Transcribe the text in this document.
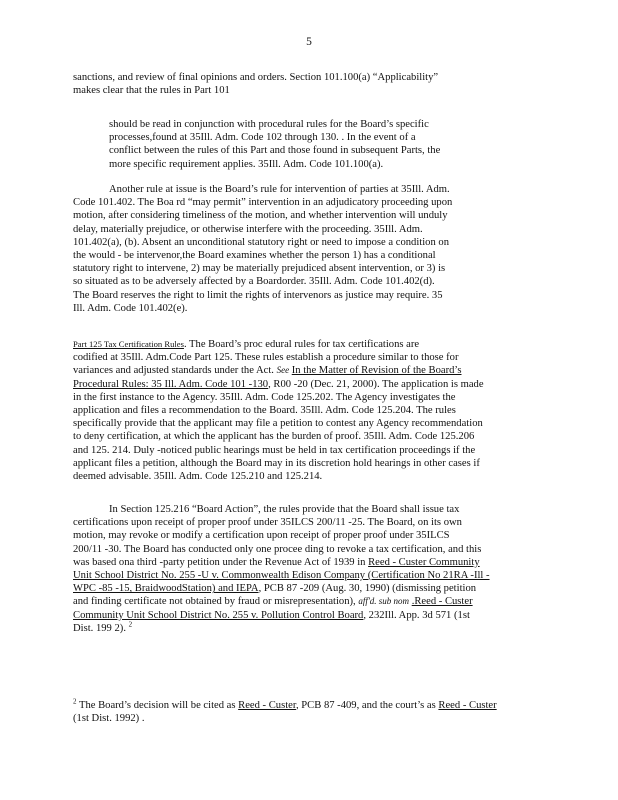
5
sanctions, and review of final opinions and orders. Section 101.100(a) “Applicability”
makes clear that the rules in Part 101
should be read in conjunction with procedural rules for the Board’s specific
processes,found at 35Ill. Adm. Code 102 through 130. . In the event of a
conflict between the rules of this Part and those found in subsequent Parts, the
more specific requirement applies. 35Ill. Adm. Code 101.100(a).
Another rule at issue is the Board’s rule for intervention of parties at 35Ill. Adm.
Code 101.402. The Boa rd “may permit” intervention in an adjudicatory proceeding upon
motion, after considering timeliness of the motion, and whether intervention will unduly
delay, materially prejudice, or otherwise interfere with the proceeding. 35Ill. Adm.
101.402(a), (b). Absent an unconditional statutory right or need to impose a condition on
the would - be intervenor,the Board examines whether the person 1) has a conditional
statutory right to intervene, 2) may be materially prejudiced absent intervention, or 3) is
so situated as to be adversely affected by a Boardorder. 35Ill. Adm. Code 101.402(d).
The Board reserves the right to limit the rights of intervenors as justice may require. 35
Ill. Adm. Code 101.402(e).
Part 125 Tax Certification Rules. The Board’s proc edural rules for tax certifications are
codified at 35Ill. Adm.Code Part 125. These rules establish a procedure similar to those for
variances and adjusted standards under the Act. See In the Matter of Revision of the Board’s
Procedural Rules: 35 Ill. Adm. Code 101 -130, R00 -20 (Dec. 21, 2000). The application is made
in the first instance to the Agency. 35Ill. Adm. Code 125.202. The Agency investigates the
application and files a recommendation to the Board. 35Ill. Adm. Code 125.204. The rules
specifically provide that the applicant may file a petition to contest any Agency recommendation
to deny certification, at which the applicant has the burden of proof. 35Ill. Adm. Code 125.206
and 125. 214. Duly -noticed public hearings must be held in tax certification proceedings if the
applicant files a petition, although the Board may in its discretion hold hearings in other cases if
deemed advisable. 35Ill. Adm. Code 125.210 and 125.214.
In Section 125.216 “Board Action”, the rules provide that the Board shall issue tax
certifications upon receipt of proper proof under 35ILCS 200/11 -25. The Board, on its own
motion, may revoke or modify a certification upon receipt of proper proof under 35ILCS
200/11 -30. The Board has conducted only one procee ding to revoke a tax certification, and this
was based ona third -party petition under the Revenue Act of 1939 in Reed - Custer Community
Unit School District No. 255 -U v. Commonwealth Edison Company (Certification No 21RA -Ill -
WPC -85 -15, BraidwoodStation) and IEPA, PCB 87 -209 (Aug. 30, 1990) (dismissing petition
and finding certificate not obtained by fraud or misrepresentation), aff'd. sub nom .Reed - Custer
Community Unit School District No. 255 v. Pollution Control Board, 232Ill. App. 3d 571 (1st
Dist. 199 2). $^2$
$^2$ The Board’s decision will be cited as Reed - Custer, PCB 87 -409, and the court’s as Reed - Custer
(1st Dist. 1992) .
